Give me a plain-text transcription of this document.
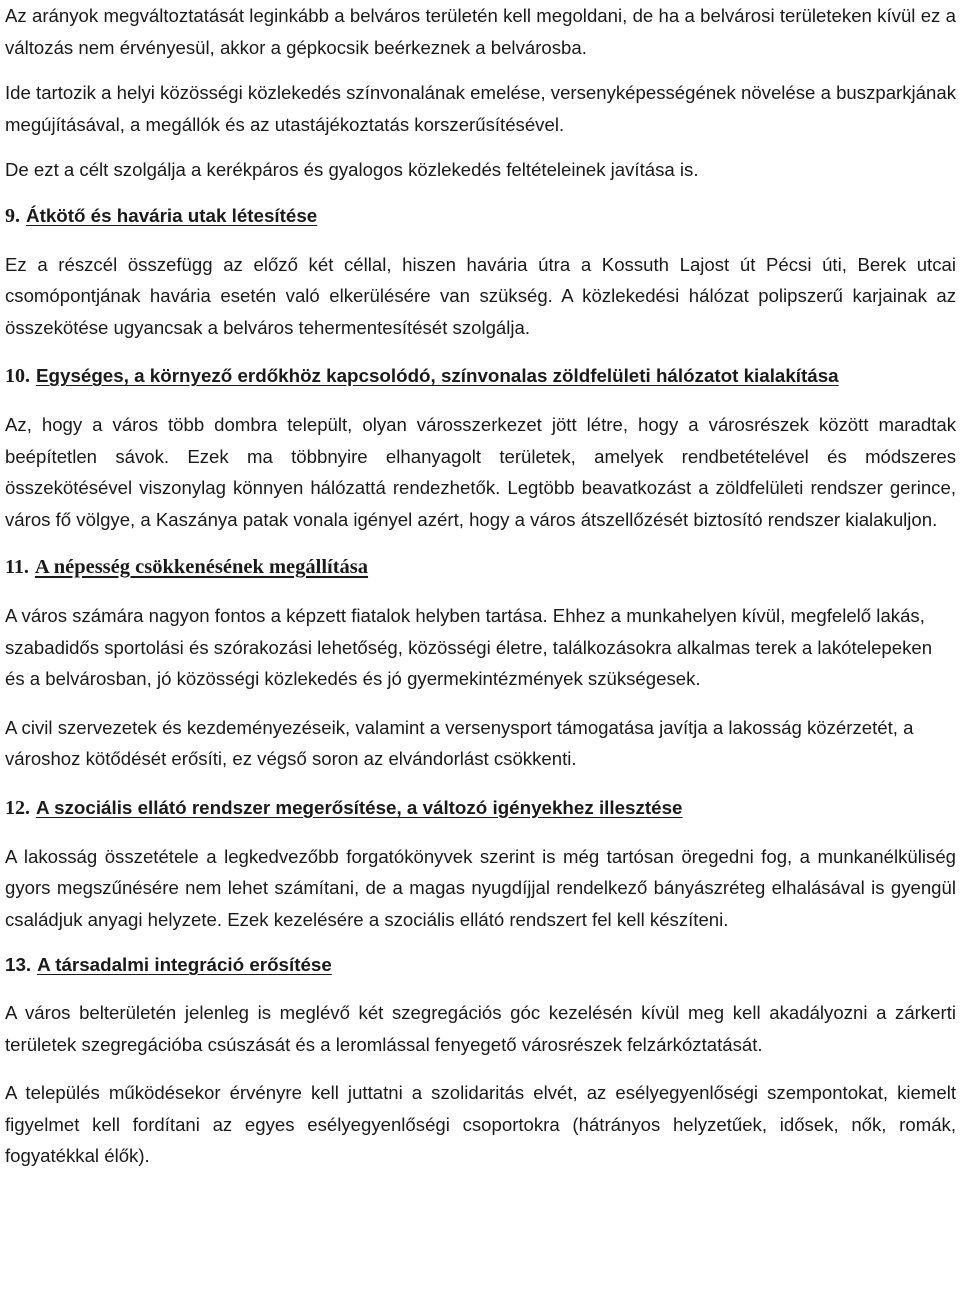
Az arányok megváltoztatását leginkább a belváros területén kell megoldani, de ha a belvárosi területeken kívül ez a változás nem érvényesül, akkor a gépkocsik beérkeznek a belvárosba.

Ide tartozik a helyi közösségi közlekedés színvonalának emelése, versenyképességének növelése a buszparkjának megújításával, a megállók és az utastájékoztatás korszerűsítésével.

De ezt a célt szolgálja a kerékpáros és gyalogos közlekedés feltételeinek javítása is.

9. Átkötő és havária utak létesítése

Ez a részcél összefügg az előző két céllal, hiszen havária útra a Kossuth Lajost út Pécsi úti, Berek utcai csomópontjának havária esetén való elkerülésére van szükség. A közlekedési hálózat polipszerű karjainak az összekötése ugyancsak a belváros tehermentesítését szolgálja.

10. Egységes, a környező erdőkhöz kapcsolódó, színvonalas zöldfelületi hálózatot kialakítása

Az, hogy a város több dombra települt, olyan városszerkezet jött létre, hogy a városrészek között maradtak beépítetlen sávok. Ezek ma többnyire elhanyagolt területek, amelyek rendbetételével és módszeres összekötésével viszonylag könnyen hálózattá rendezhetők. Legtöbb beavatkozást a zöldfelületi rendszer gerince, város fő völgye, a Kaszánya patak vonala igényel azért, hogy a város átszellőzését biztosító rendszer kialakuljon.

11. A népesség csökkenésének megállítása

A város számára nagyon fontos a képzett fiatalok helyben tartása. Ehhez a munkahelyen kívül, megfelelő lakás, szabadidős sportolási és szórakozási lehetőség, közösségi életre, találkozásokra alkalmas terek a lakótelepeken és a belvárosban, jó közösségi közlekedés és jó gyermekintézmények szükségesek.

A civil szervezetek és kezdeményezéseik, valamint a versenysport támogatása javítja a lakosság közérzetét, a városhoz kötődését erősíti, ez végső soron az elvándorlást csökkenti.

12. A szociális ellátó rendszer megerősítése, a változó igényekhez illesztése

A lakosság összetétele a legkedvezőbb forgatókönyvek szerint is még tartósan öregedni fog, a munkanélküliség gyors megszűnésére nem lehet számítani, de a magas nyugdíjjal rendelkező bányászréteg elhalásával is gyengül családjuk anyagi helyzete. Ezek kezelésére a szociális ellátó rendszert fel kell készíteni.

13. A társadalmi integráció erősítése

A város belterületén jelenleg is meglévő két szegregációs góc kezelésén kívül meg kell akadályozni a zárkerti területek szegregációba csúszását és a leromlással fenyegető városrészek felzárkóztatását.

A település működésekor érvényre kell juttatni a szolidaritás elvét, az esélyegyenlőségi szempontokat, kiemelt figyelmet kell fordítani az egyes esélyegyenlőségi csoportokra (hátrányos helyzetűek, idősek, nők, romák, fogyatékkal élők).
